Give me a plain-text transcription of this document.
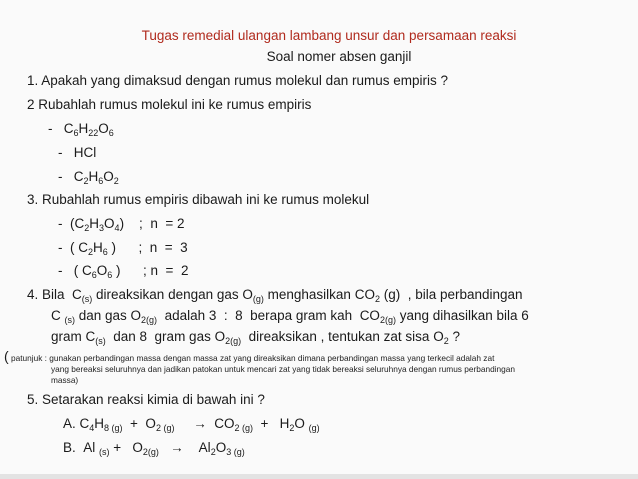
Tugas remedial ulangan lambang unsur dan persamaan reaksi
Soal nomer absen ganjil
1. Apakah yang dimaksud dengan rumus molekul dan rumus empiris ?
2 Rubahlah rumus molekul ini ke rumus empiris
-   $C_6H_{22}O_6$
-   HCl
-   $C_2H_6O_2$
3. Rubahlah rumus empiris dibawah ini ke rumus molekul
-  $(C_2H_3O_4)$    ;  n  = 2
-  ( $C_2H_6$ )      ;  n  =  3
-   ( $C_6O_6$ )      ; n  =  2
4. Bila  $C_{(s)}$ direaksikan dengan gas $O_{(g)}$ menghasilkan $CO_2$ (g)  , bila perbandingan
C $_{(s)}$ dan gas $O_{2(g)}$  adalah 3  :  8  berapa gram kah  $CO_{2(g)}$ yang dihasilkan bila 6
gram $C_{(s)}$  dan 8  gram gas $O_{2(g)}$  direaksikan , tentukan zat sisa $O_2$ ?
( patunjuk : gunakan perbandingan massa dengan massa zat yang direaksikan dimana perbandingan massa yang terkecil adalah zat
yang bereaksi seluruhnya dan jadikan patokan untuk mencari zat yang tidak bereaksi seluruhnya dengan rumus perbandingan
massa)
5. Setarakan reaksi kimia di bawah ini ?
A. $C_4H_{8 (g)} + O_{2 (g)}$     →  $CO_{2 (g)} + H_2O$ $_{(g)}$
B.  Al $_{(s)} + O_{2(g)}$   →    $Al_2O_{3 (g)}$
